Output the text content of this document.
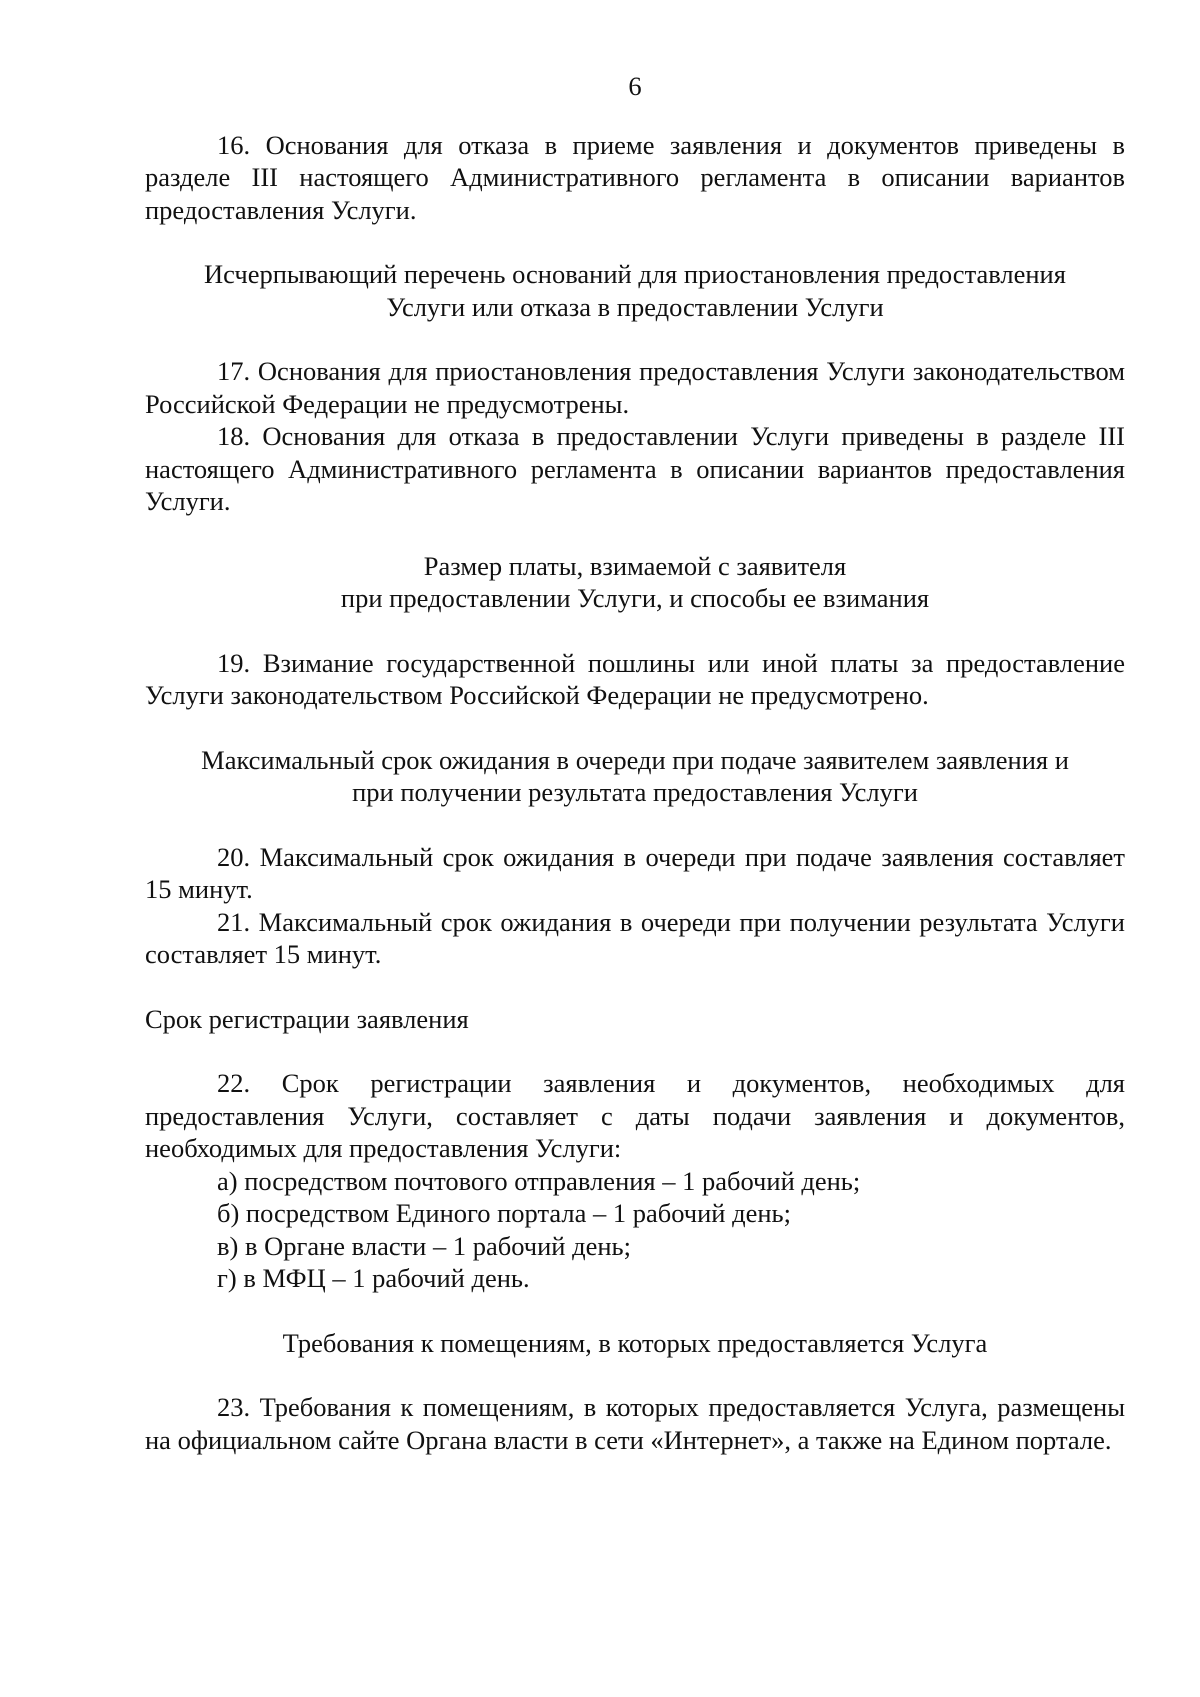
6

16. Основания для отказа в приеме заявления и документов приведены в разделе III настоящего Административного регламента в описании вариантов предоставления Услуги.

Исчерпывающий перечень оснований для приостановления предоставления
Услуги или отказа в предоставлении Услуги

17. Основания для приостановления предоставления Услуги законодательством Российской Федерации не предусмотрены.

18. Основания для отказа в предоставлении Услуги приведены в разделе III настоящего Административного регламента в описании вариантов предоставления Услуги.

Размер платы, взимаемой с заявителя
при предоставлении Услуги, и способы ее взимания

19. Взимание государственной пошлины или иной платы за предоставление Услуги законодательством Российской Федерации не предусмотрено.

Максимальный срок ожидания в очереди при подаче заявителем заявления и
при получении результата предоставления Услуги

20. Максимальный срок ожидания в очереди при подаче заявления составляет 15 минут.

21. Максимальный срок ожидания в очереди при получении результата Услуги составляет 15 минут.

Срок регистрации заявления

22. Срок регистрации заявления и документов, необходимых для предоставления Услуги, составляет с даты подачи заявления и документов, необходимых для предоставления Услуги:

а) посредством почтового отправления – 1 рабочий день;

б) посредством Единого портала – 1 рабочий день;

в) в Органе власти – 1 рабочий день;

г) в МФЦ – 1 рабочий день.

Требования к помещениям, в которых предоставляется Услуга

23. Требования к помещениям, в которых предоставляется Услуга, размещены на официальном сайте Органа власти в сети «Интернет», а также на Едином портале.
